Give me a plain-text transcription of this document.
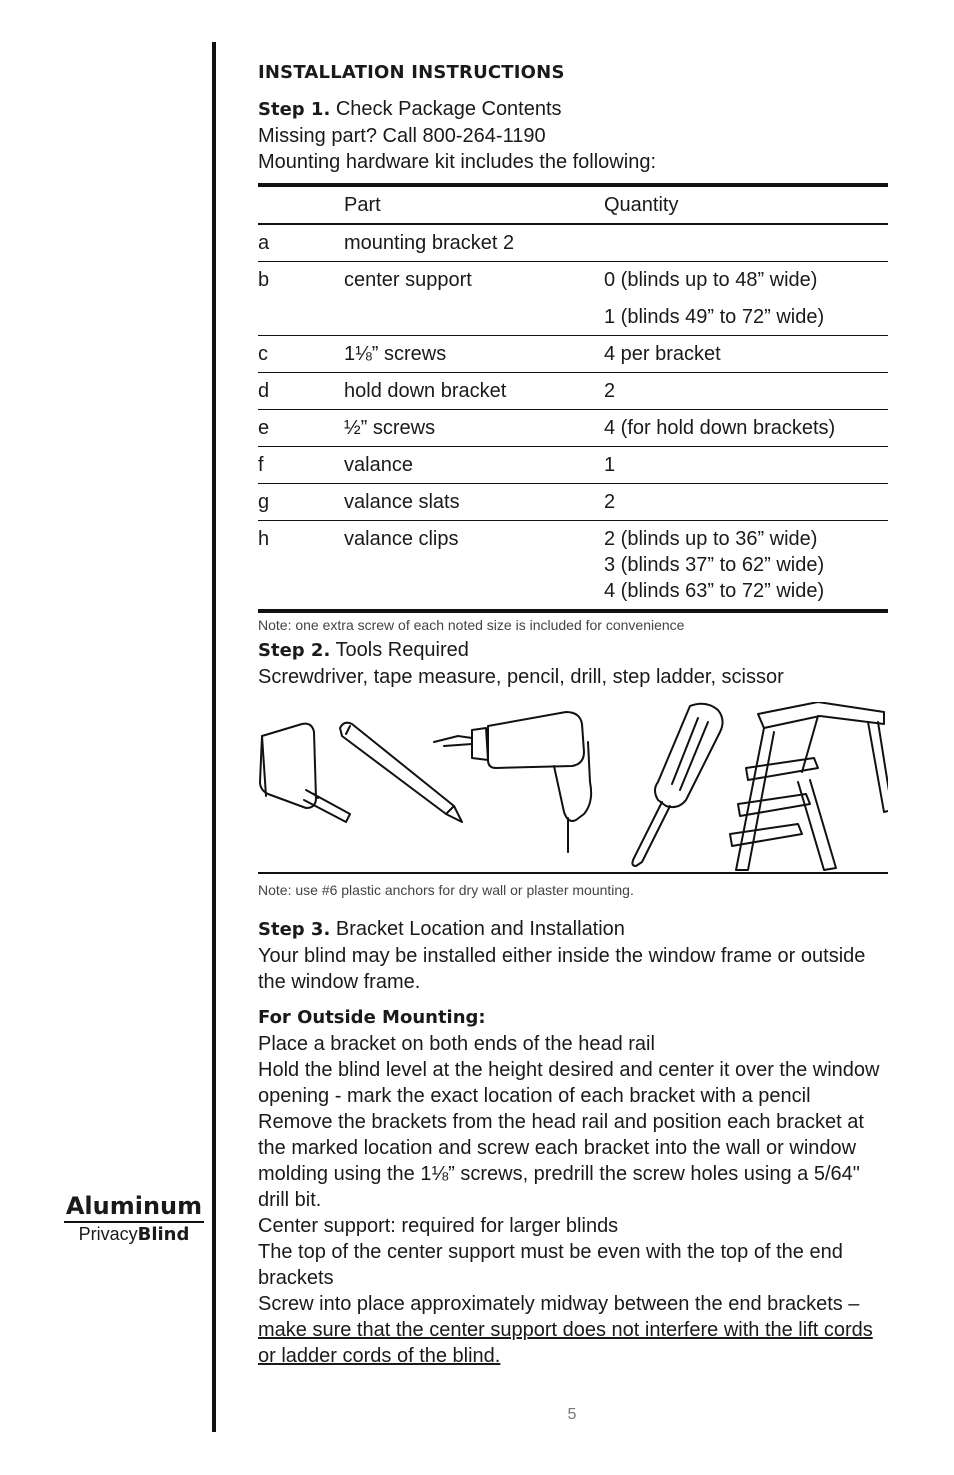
Aluminum
PrivacyBlind
INSTALLATION INSTRUCTIONS

Step 1. Check Package Contents

Missing part? Call 800-264-1190

Mounting hardware kit includes the following:

	Part	Quantity
a	mounting bracket 2	

b	center support	0 (blinds up to 48” wide)
1 (blinds 49” to 72” wide)

c	1⅛” screws	4 per bracket

d	hold down bracket	2

e	½” screws	4 (for hold down brackets)

f	valance	1

g	valance slats	2

h	valance clips	2 (blinds up to 36” wide)
3 (blinds 37” to 62” wide)
4 (blinds 63” to 72” wide)

Note: one extra screw of each noted size is included for convenience

Step 2. Tools Required

Screwdriver, tape measure, pencil, drill, step ladder, scissor

Note: use #6 plastic anchors for dry wall or plaster mounting.

Step 3. Bracket Location and Installation

Your blind may be installed either inside the window frame or outside the window frame.

For Outside Mounting:

Place a bracket on both ends of the head rail

Hold the blind level at the height desired and center it over the window opening - mark the exact location of each bracket with a pencil

Remove the brackets from the head rail and position each bracket at the marked location and screw each bracket into the wall or window molding using the 1⅛” screws, predrill the screw holes using a 5/64" drill bit.

Center support: required for larger blinds

The top of the center support must be even with the top of the end brackets

Screw into place approximately midway between the end brackets – make sure that the center support does not interfere with the lift cords or ladder cords of the blind.

5
